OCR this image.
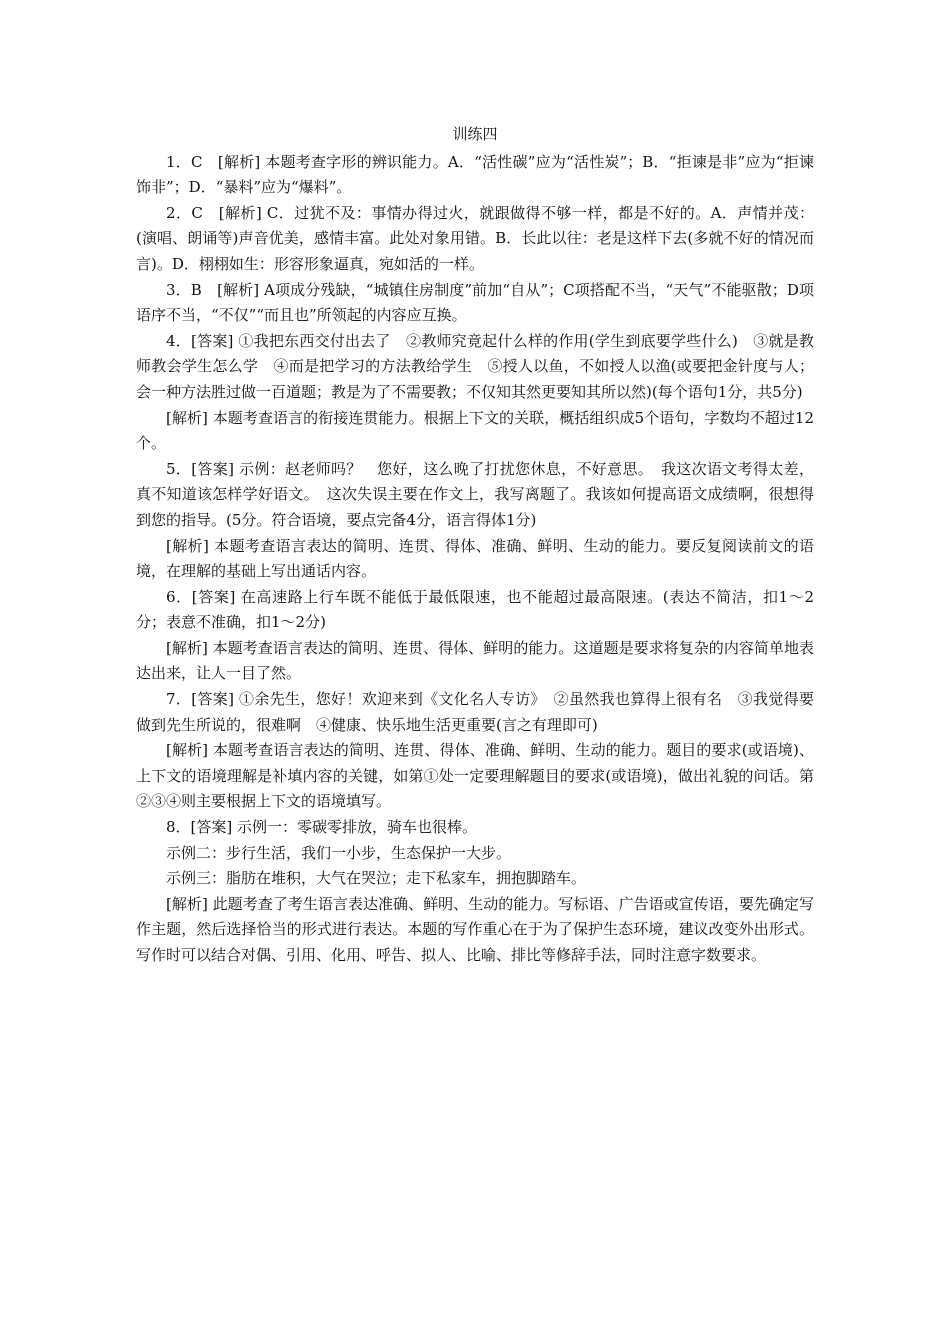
训练四

1．C　[解析] 本题考查字形的辨识能力。A．“活性碳”应为“活性炭”；B．“拒谏是非”应为“拒谏饰非”；D．“暴料”应为“爆料”。

2．C　[解析] C．过犹不及：事情办得过火，就跟做得不够一样，都是不好的。A．声情并茂：(演唱、朗诵等)声音优美，感情丰富。此处对象用错。B．长此以往：老是这样下去(多就不好的情况而言)。D．栩栩如生：形容形象逼真，宛如活的一样。

3．B　[解析] A项成分残缺，“城镇住房制度”前加“自从”；C项搭配不当，“天气”不能驱散；D项语序不当，“不仅”“而且也”所领起的内容应互换。

4．[答案] ①我把东西交付出去了　②教师究竟起什么样的作用(学生到底要学些什么)　③就是教师教会学生怎么学　④而是把学习的方法教给学生　⑤授人以鱼，不如授人以渔(或要把金针度与人；会一种方法胜过做一百道题；教是为了不需要教；不仅知其然更要知其所以然)(每个语句1分，共5分)

[解析] 本题考查语言的衔接连贯能力。根据上下文的关联，概括组织成5个语句，字数均不超过12个。

5．[答案] 示例：赵老师吗？　您好，这么晚了打扰您休息，不好意思。　我这次语文考得太差，真不知道该怎样学好语文。　这次失误主要在作文上，我写离题了。我该如何提高语文成绩啊，很想得到您的指导。(5分。符合语境，要点完备4分，语言得体1分)

[解析] 本题考查语言表达的简明、连贯、得体、准确、鲜明、生动的能力。要反复阅读前文的语境，在理解的基础上写出通话内容。

6．[答案] 在高速路上行车既不能低于最低限速，也不能超过最高限速。(表达不简洁，扣1～2分；表意不准确，扣1～2分)

[解析] 本题考查语言表达的简明、连贯、得体、鲜明的能力。这道题是要求将复杂的内容简单地表达出来，让人一目了然。

7．[答案] ①余先生，您好！欢迎来到《文化名人专访》　②虽然我也算得上很有名　③我觉得要做到先生所说的，很难啊　④健康、快乐地生活更重要(言之有理即可)

[解析] 本题考查语言表达的简明、连贯、得体、准确、鲜明、生动的能力。题目的要求(或语境)、上下文的语境理解是补填内容的关键，如第①处一定要理解题目的要求(或语境)，做出礼貌的问话。第②③④则主要根据上下文的语境填写。

8．[答案] 示例一：零碳零排放，骑车也很棒。

示例二：步行生活，我们一小步，生态保护一大步。

示例三：脂肪在堆积，大气在哭泣；走下私家车，拥抱脚踏车。

[解析] 此题考查了考生语言表达准确、鲜明、生动的能力。写标语、广告语或宣传语，要先确定写作主题，然后选择恰当的形式进行表达。本题的写作重心在于为了保护生态环境，建议改变外出形式。写作时可以结合对偶、引用、化用、呼告、拟人、比喻、排比等修辞手法，同时注意字数要求。
